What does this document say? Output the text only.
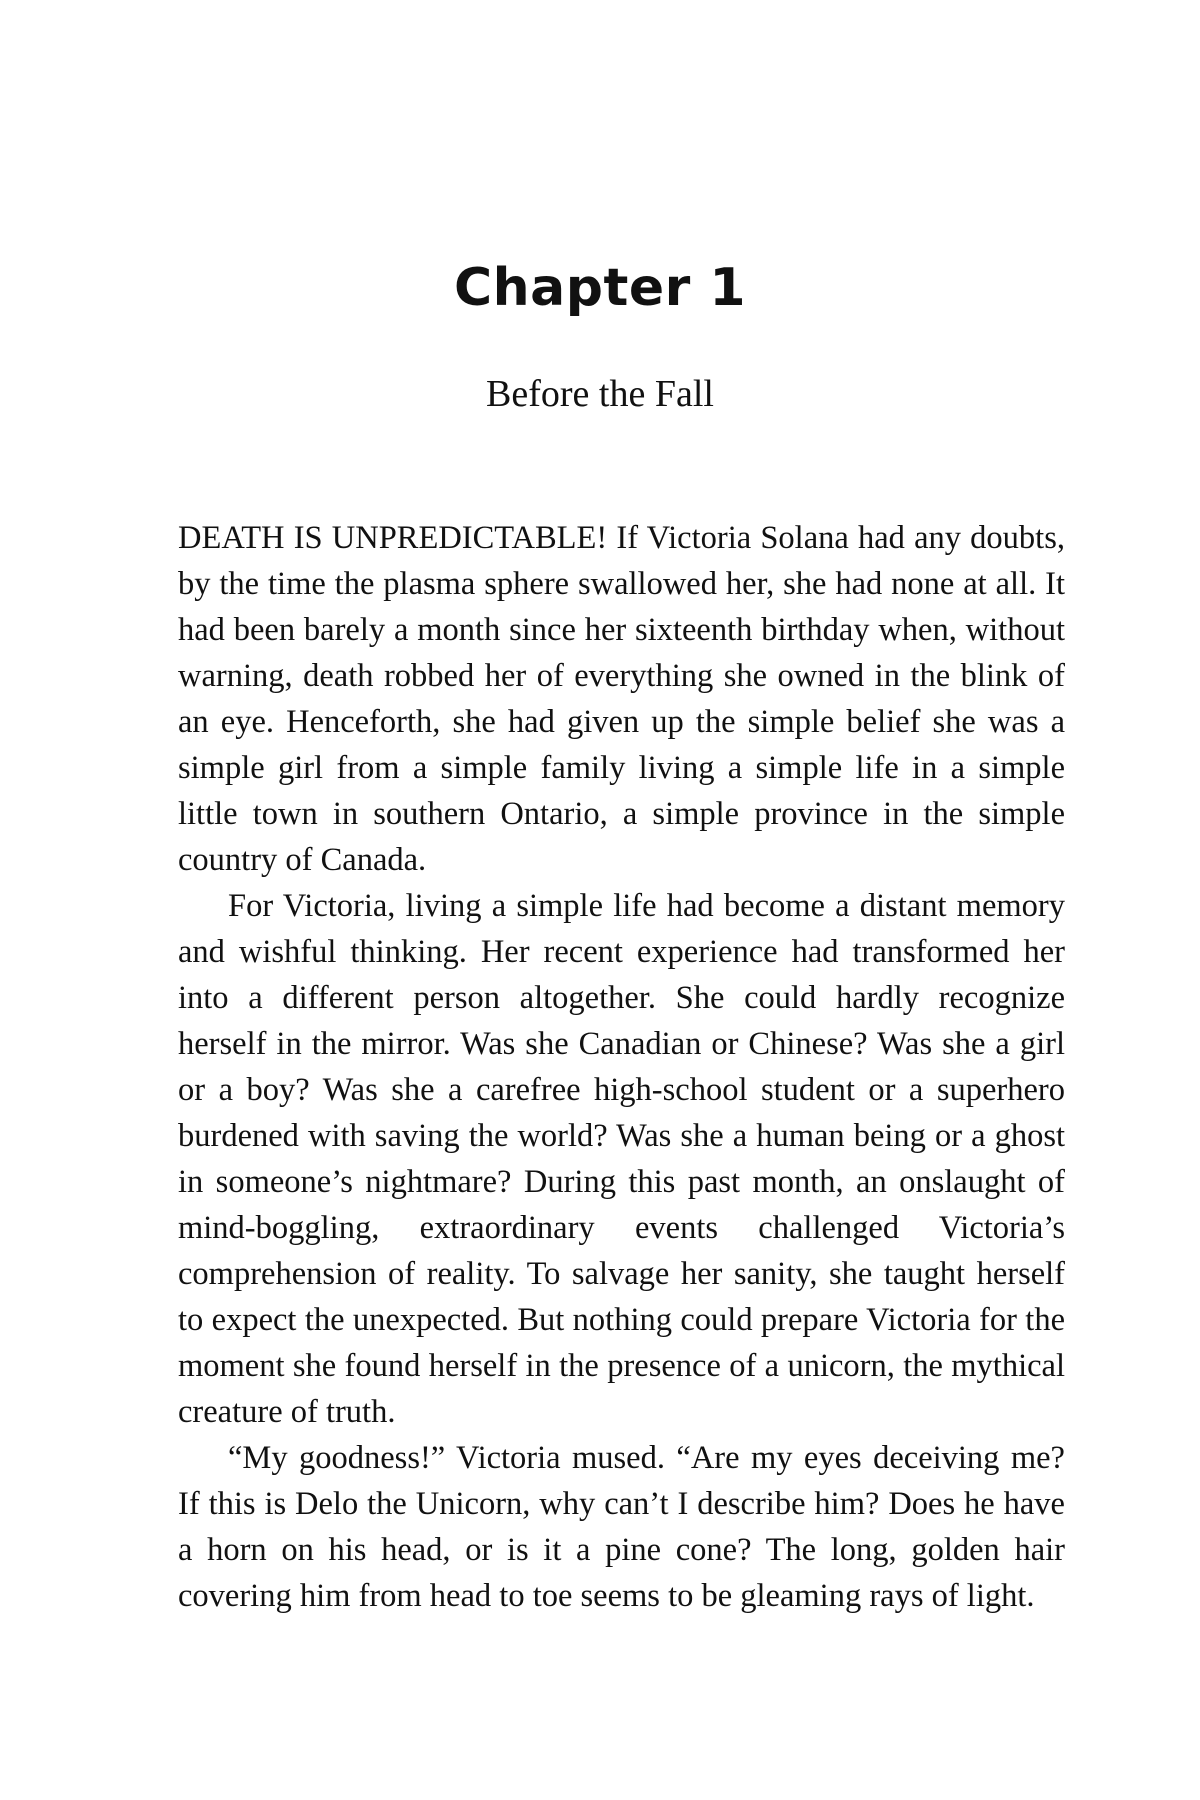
Chapter 1
Before the Fall

DEATH IS UNPREDICTABLE! If Victoria Solana had any doubts, by the time the plasma sphere swallowed her, she had none at all. It had been barely a month since her sixteenth birthday when, without warning, death robbed her of everything she owned in the blink of an eye. Henceforth, she had given up the simple belief she was a simple girl from a simple family living a simple life in a simple little town in southern Ontario, a simple province in the simple country of Canada.

For Victoria, living a simple life had become a distant memory and wishful thinking. Her recent experience had transformed her into a different person altogether. She could hardly recognize herself in the mirror. Was she Canadian or Chinese? Was she a girl or a boy? Was she a carefree high-school student or a superhero burdened with saving the world? Was she a human being or a ghost in someone’s nightmare? During this past month, an onslaught of mind-boggling, extraordinary events challenged Victoria’s comprehension of reality. To salvage her sanity, she taught herself to expect the unexpected. But nothing could prepare Victoria for the moment she found herself in the presence of a unicorn, the mythical creature of truth.

“My goodness!” Victoria mused. “Are my eyes deceiving me? If this is Delo the Unicorn, why can’t I describe him? Does he have a horn on his head, or is it a pine cone? The long, golden hair covering him from head to toe seems to be gleaming rays of light.
